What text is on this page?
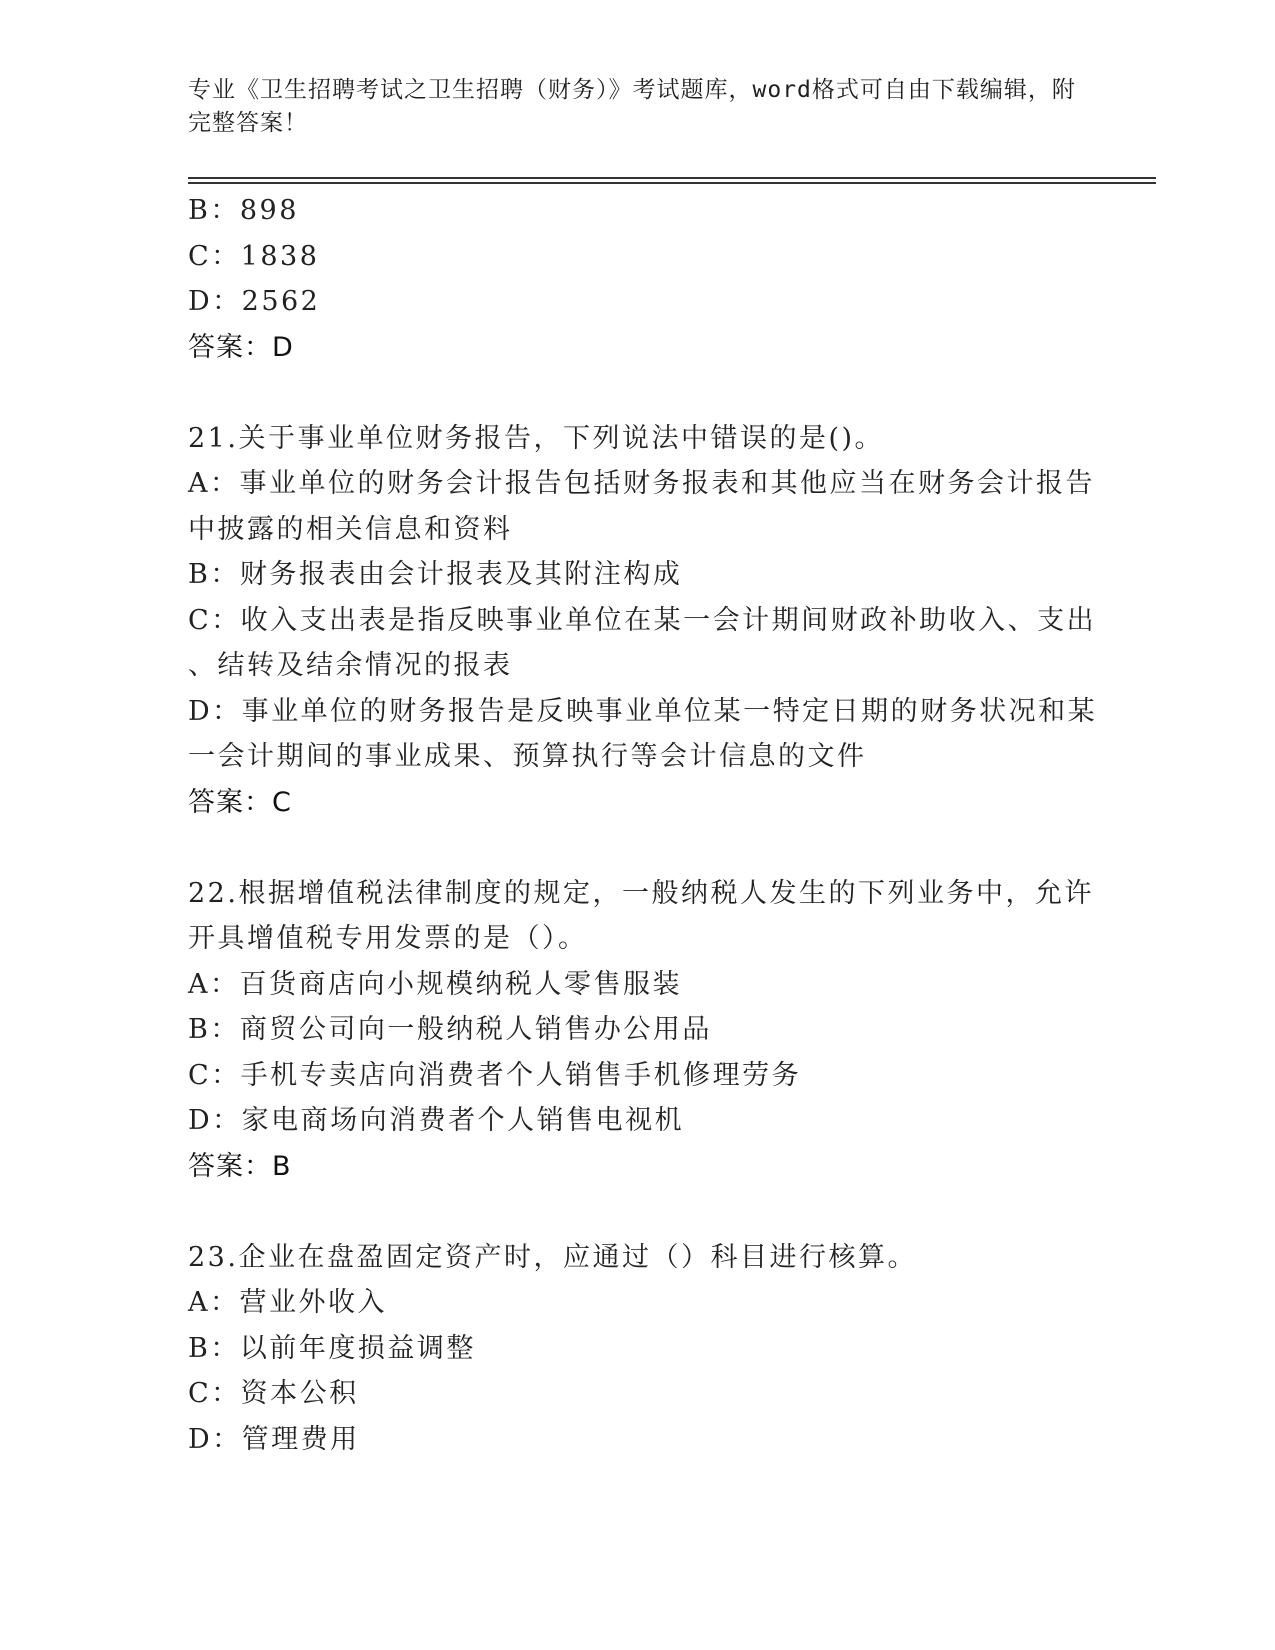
专业《卫生招聘考试之卫生招聘（财务）》考试题库，word格式可自由下载编辑，附完整答案！
B：898
C：1838
D：2562
答案：D
21.关于事业单位财务报告，下列说法中错误的是()。
A：事业单位的财务会计报告包括财务报表和其他应当在财务会计报告
中披露的相关信息和资料
B：财务报表由会计报表及其附注构成
C：收入支出表是指反映事业单位在某一会计期间财政补助收入、支出
、结转及结余情况的报表
D：事业单位的财务报告是反映事业单位某一特定日期的财务状况和某
一会计期间的事业成果、预算执行等会计信息的文件
答案：C
22.根据增值税法律制度的规定，一般纳税人发生的下列业务中，允许
开具增值税专用发票的是（）。
A：百货商店向小规模纳税人零售服装
B：商贸公司向一般纳税人销售办公用品
C：手机专卖店向消费者个人销售手机修理劳务
D：家电商场向消费者个人销售电视机
答案：B
23.企业在盘盈固定资产时，应通过（）科目进行核算。
A：营业外收入
B：以前年度损益调整
C：资本公积
D：管理费用
